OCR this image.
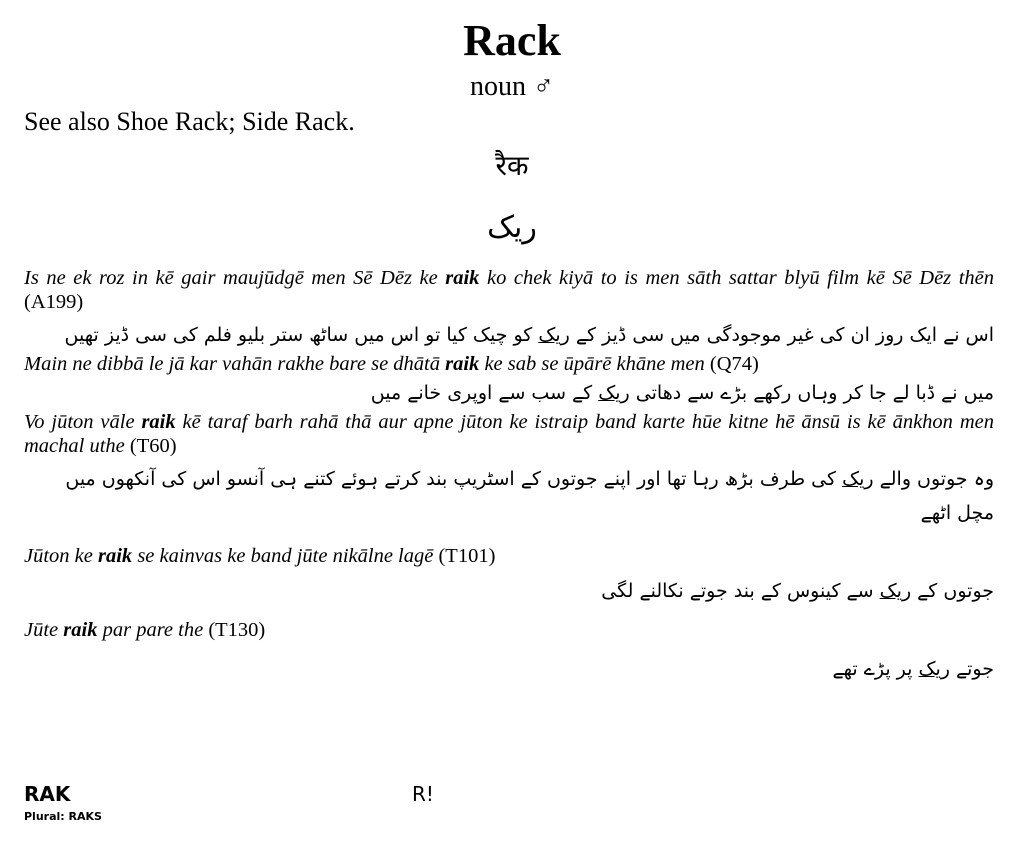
Rack
noun ♂
See also Shoe Rack; Side Rack.
रैक
ریک
Is ne ek roz in kē gair maujūdgē men Sē Dēz ke raik ko chek kiyā to is men sāth sattar blyū film kē Sē Dēz thēn (A199)
اس نے ایک روز ان کی غیر موجودگی میں سی ڈیز کے ریک کو چیک کیا تو اس میں ساٹھ ستر بلیو فلم کی سی ڈیز تھیں
Main ne dibbā le jā kar vahān rakhe bare se dhātā raik ke sab se ūpārē khāne men (Q74)
میں نے ڈبا لے جا کر وہاں رکھے بڑے سے دھاتی ریک کے سب سے اوپری خانے میں
Vo jūton vāle raik kē taraf barh rahā thā aur apne jūton ke istraip band karte hūe kitne hē ānsū is kē ānkhon men machal uthe (T60)
وہ جوتوں والے ریک کی طرف بڑھ رہا تھا اور اپنے جوتوں کے اسٹریپ بند کرتے ہوئے کتنے ہی آنسو اس کی آنکھوں میں مچل اٹھے
Jūton ke raik se kainvas ke band jūte nikālne lagē (T101)
جوتوں کے ریک سے کینوس کے بند جوتے نکالنے لگی
Jūte raik par pare the (T130)
جوتے ریک پر پڑے تھے
RAK	R!
Plural: RAKS
